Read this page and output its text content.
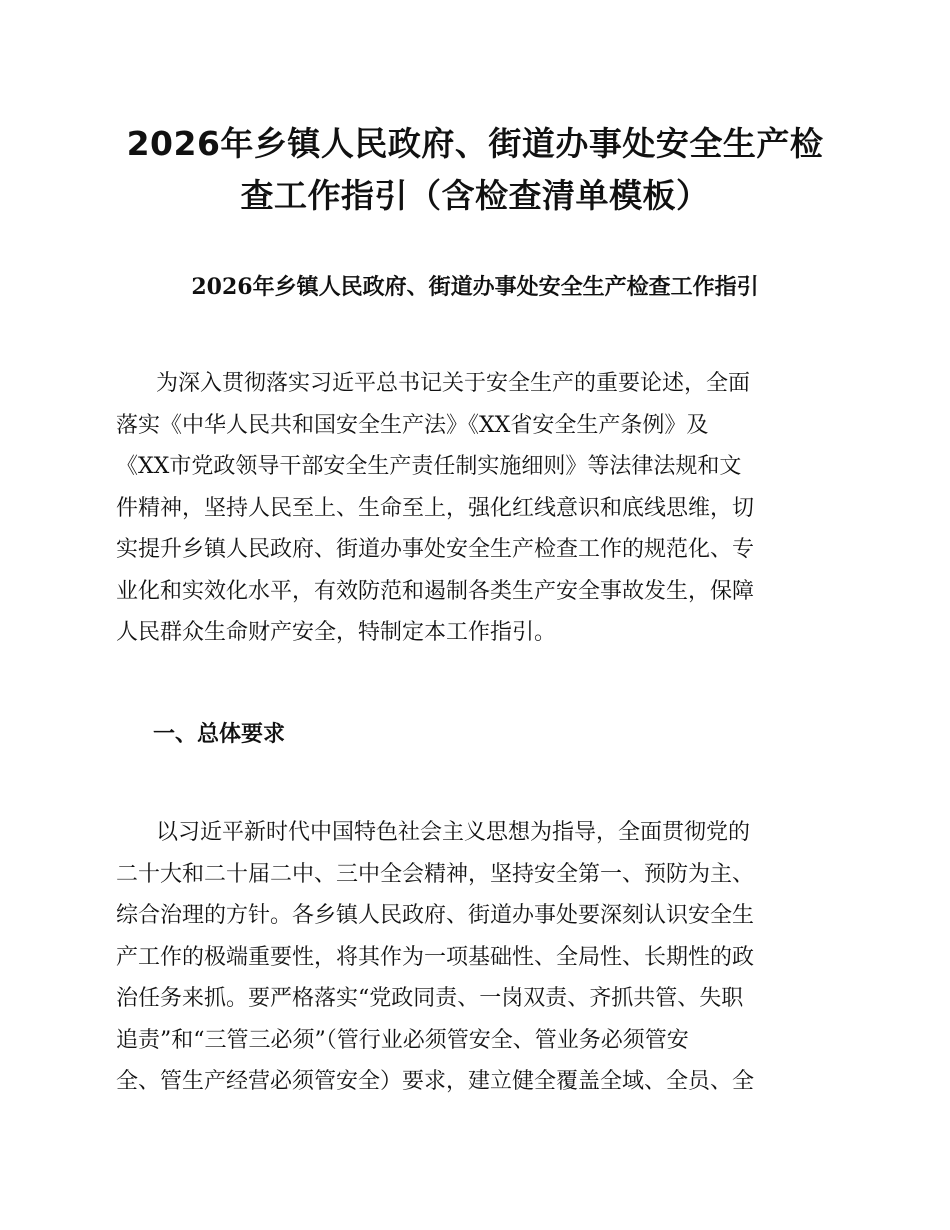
2026年乡镇人民政府、街道办事处安全生产检
查工作指引（含检查清单模板）
2026年乡镇人民政府、街道办事处安全生产检查工作指引
为深入贯彻落实习近平总书记关于安全生产的重要论述，全面
落实《中华人民共和国安全生产法》《XX省安全生产条例》及
《XX市党政领导干部安全生产责任制实施细则》等法律法规和文
件精神，坚持人民至上、生命至上，强化红线意识和底线思维，切
实提升乡镇人民政府、街道办事处安全生产检查工作的规范化、专
业化和实效化水平，有效防范和遏制各类生产安全事故发生，保障
人民群众生命财产安全，特制定本工作指引。
一、总体要求
以习近平新时代中国特色社会主义思想为指导，全面贯彻党的
二十大和二十届二中、三中全会精神，坚持安全第一、预防为主、
综合治理的方针。各乡镇人民政府、街道办事处要深刻认识安全生
产工作的极端重要性，将其作为一项基础性、全局性、长期性的政
治任务来抓。要严格落实“党政同责、一岗双责、齐抓共管、失职
追责”和“三管三必须”（管行业必须管安全、管业务必须管安
全、管生产经营必须管安全）要求，建立健全覆盖全域、全员、全
